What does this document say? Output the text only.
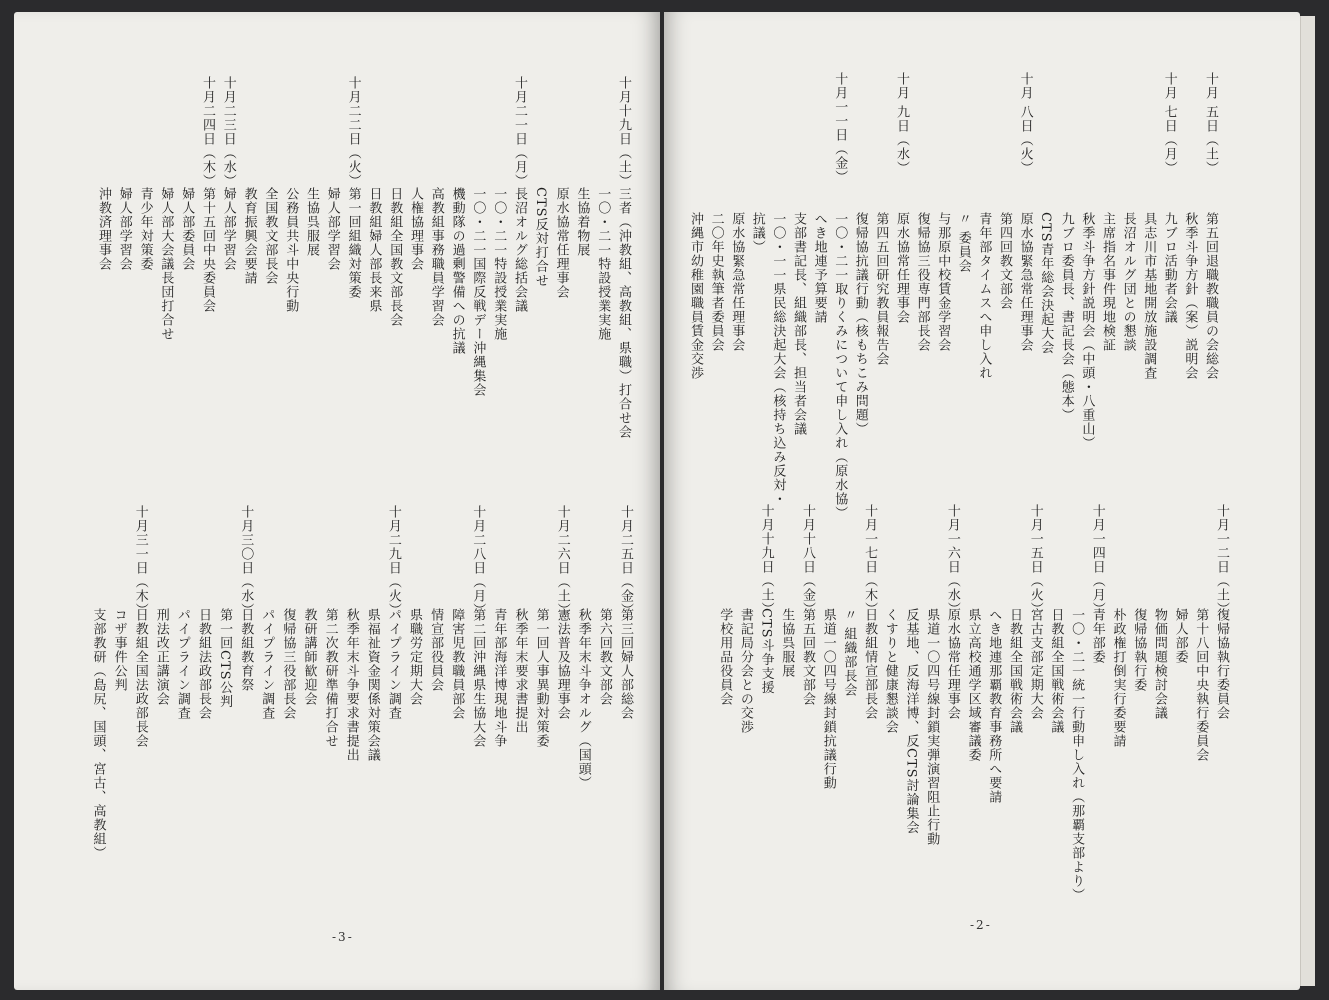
十月十九日（土）
三者（沖教組、高教組、県職）打合せ会
一〇・二一特設授業実施
生協着物展
原水協常任理事会
CTS反対打合せ
十月二一日（月）
長沼オルグ総括会議
一〇・二一特設授業実施
一〇・二一国際反戦デー沖縄集会
機動隊の過剰警備への抗議
高教組事務職員学習会
人権協理事会
日教組全国教文部長会
日教組婦人部長来県
十月二二日（火）
第一回組織対策委
婦人部学習会
生協呉服展
公務員共斗中央行動
全国教文部長会
教育振興会要請
十月二三日（水）
婦人部学習会
十月二四日（木）
第十五回中央委員会
婦人部委員会
婦人部大会議長団打合せ
青少年対策委
婦人部学習会
沖教済理事会
十月二五日（金）
第三回婦人部総会
第六回教文部会
秋季年末斗争オルグ（国頭）
十月二六日（土）
憲法普及協理事会
第一回人事異動対策委
秋季年末要求書提出
青年部海洋博現地斗争
十月二八日（月）
第二回沖縄県生協大会
障害児教職員部会
情宣部役員会
県職労定期大会
十月二九日（火）
パイプライン調査
県福祉資金関係対策会議
秋季年末斗争要求書提出
第二次教研準備打合せ
教研講師歓迎会
復帰協三役部長会
パイプライン調査
十月三〇日（水）
日教組教育祭
第一回CTS公判
日教組法政部長会
パイプライン調査
刑法改正講演会
十月三一日（木）
日教組全国法政部長会
コザ事件公判
支部教研（島尻、国頭、宮古、高教組）
-3-
十月 五日（土）
第五回退職教職員の会総会
秋季斗争方針（案）説明会
十月 七日（月）
九ブロ活動者会議
具志川市基地開放施設調査
長沼オルグ団との懇談
主席指名事件現地検証
秋季斗争方針説明会（中頭・八重山）
九ブロ委員長、書記長会（態本）
CTS青年総会決起大会
十月 八日（火）
原水協緊急常任理事会
第四回教文部会
青年部タイムスへ申し入れ
〃 委員会
与那原中校賃金学習会
復帰協三役専門部長会
十月 九日（水）
原水協常任理事会
第四五回研究教員報告会
復帰協抗議行動（核もちこみ問題）
十月一一日（金）
一〇・二一取りくみについて申し入れ（原水協）
へき地連予算要請
支部書記長、組織部長、担当者会議
一〇・一一県民総決起大会（核持ち込み反対・
抗議）
原水協緊急常任理事会
二〇年史執筆者委員会
沖縄市幼稚園職員賃金交渉
十月一二日（土）
復帰協執行委員会
第十八回中央執行委員会
婦人部委
物価問題検討会議
復帰協執行委
朴政権打倒実行委要請
十月一四日（月）
青年部委
一〇・二一統一行動申し入れ（那覇支部より）
日教組全国戦術会議
十月一五日（火）
宮古支部定期大会
日教組全国戦術会議
へき地連那覇教育事務所へ要請
県立高校通学区域審議委
十月一六日（水）
原水協常任理事会
県道一〇四号線封鎖実弾演習阻止行動
反基地、反海洋博、反CTS討論集会
くすりと健康懇談会
十月一七日（木）
日教組情宣部長会
〃 組織部長会
県道一〇四号線封鎖抗議行動
十月十八日（金）
第五回教文部会
生協呉服展
十月十九日（土）
CTS斗争支援
書記局分会との交渉
学校用品役員会
-2-
